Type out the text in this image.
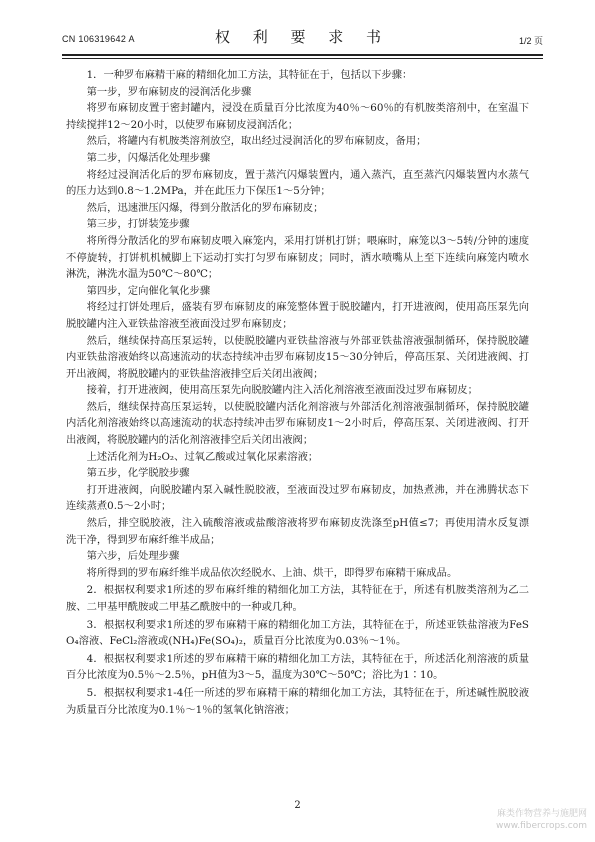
CN 106319642 A	权 利 要 求 书	1/2 页

1．一种罗布麻精干麻的精细化加工方法，其特征在于，包括以下步骤：

第一步，罗布麻韧皮的浸润活化步骤

将罗布麻韧皮置于密封罐内，浸没在质量百分比浓度为40％～60％的有机胺类溶剂中，在室温下持续搅拌12～20小时，以使罗布麻韧皮浸润活化；

然后，将罐内有机胺类溶剂放空，取出经过浸润活化的罗布麻韧皮，备用；

第二步，闪爆活化处理步骤

将经过浸润活化后的罗布麻韧皮，置于蒸汽闪爆装置内，通入蒸汽，直至蒸汽闪爆装置内水蒸气的压力达到0.8～1.2MPa，并在此压力下保压1～5分钟；

然后，迅速泄压闪爆，得到分散活化的罗布麻韧皮；

第三步，打饼装笼步骤

将所得分散活化的罗布麻韧皮喂入麻笼内，采用打饼机打饼；喂麻时，麻笼以3～5转/分钟的速度不停旋转，打饼机机械脚上下运动打实打匀罗布麻韧皮；同时，洒水喷嘴从上至下连续向麻笼内喷水淋洗，淋洗水温为50℃～80℃；

第四步，定向催化氧化步骤

将经过打饼处理后，盛装有罗布麻韧皮的麻笼整体置于脱胶罐内，打开进液阀，使用高压泵先向脱胶罐内注入亚铁盐溶液至液面没过罗布麻韧皮；

然后，继续保持高压泵运转，以使脱胶罐内亚铁盐溶液与外部亚铁盐溶液强制循环，保持脱胶罐内亚铁盐溶液始终以高速流动的状态持续冲击罗布麻韧皮15～30分钟后，停高压泵、关闭进液阀、打开出液阀，将脱胶罐内的亚铁盐溶液排空后关闭出液阀；

接着，打开进液阀，使用高压泵先向脱胶罐内注入活化剂溶液至液面没过罗布麻韧皮；

然后，继续保持高压泵运转，以使脱胶罐内活化剂溶液与外部活化剂溶液强制循环，保持脱胶罐内活化剂溶液始终以高速流动的状态持续冲击罗布麻韧皮1～2小时后，停高压泵、关闭进液阀、打开出液阀，将脱胶罐内的活化剂溶液排空后关闭出液阀；

上述活化剂为H₂O₂、过氧乙酸或过氧化尿素溶液；

第五步，化学脱胶步骤

打开进液阀，向脱胶罐内泵入碱性脱胶液，至液面没过罗布麻韧皮，加热煮沸，并在沸腾状态下连续蒸煮0.5～2小时；

然后，排空脱胶液，注入硫酸溶液或盐酸溶液将罗布麻韧皮洗涤至pH值≤7；再使用清水反复漂洗干净，得到罗布麻纤维半成品；

第六步，后处理步骤

将所得到的罗布麻纤维半成品依次经脱水、上油、烘干，即得罗布麻精干麻成品。

2．根据权利要求1所述的罗布麻纤维的精细化加工方法，其特征在于，所述有机胺类溶剂为乙二胺、二甲基甲酰胺或二甲基乙酰胺中的一种或几种。

3．根据权利要求1所述的罗布麻精干麻的精细化加工方法，其特征在于，所述亚铁盐溶液为FeSO₄溶液、FeCl₂溶液或(NH₄)Fe(SO₄)₂，质量百分比浓度为0.03％～1％。

4．根据权利要求1所述的罗布麻精干麻的精细化加工方法，其特征在于，所述活化剂溶液的质量百分比浓度为0.5％～2.5％，pH值为3～5，温度为30℃～50℃；浴比为1∶10。

5．根据权利要求1-4任一所述的罗布麻精干麻的精细化加工方法，其特征在于，所述碱性脱胶液为质量百分比浓度为0.1％～1％的氢氧化钠溶液；

2
麻类作物营养与施肥网
www.fibercrops.com
